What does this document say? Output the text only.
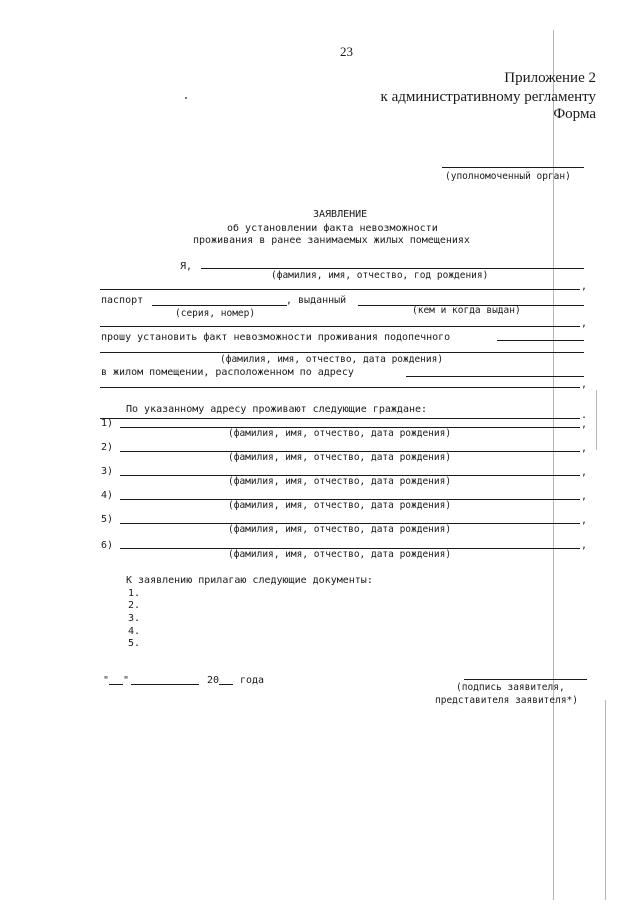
23
Приложение 2
к административному регламенту
Форма
(уполномоченный орган)
ЗАЯВЛЕНИЕ
об установлении факта невозможности
проживания в ранее занимаемых жилых помещениях
Я,
(фамилия, имя, отчество, год рождения)
,
паспорт	, выданный
(серия, номер)	(кем и когда выдан)
,
прошу установить факт невозможности проживания подопечного
(фамилия, имя, отчество, дата рождения)
в жилом помещении, расположенном по адресу
,
.
По указанному адресу проживают следующие граждане:
1)	,
(фамилия, имя, отчество, дата рождения)
2)	,
(фамилия, имя, отчество, дата рождения)
3)	,
(фамилия, имя, отчество, дата рождения)
4)	,
(фамилия, имя, отчество, дата рождения)
5)	,
(фамилия, имя, отчество, дата рождения)
6)	,
(фамилия, имя, отчество, дата рождения)
К заявлению прилагаю следующие документы:
1.
2.
3.
4.
5.
" "	20 года
(подпись заявителя,
представителя заявителя*)
